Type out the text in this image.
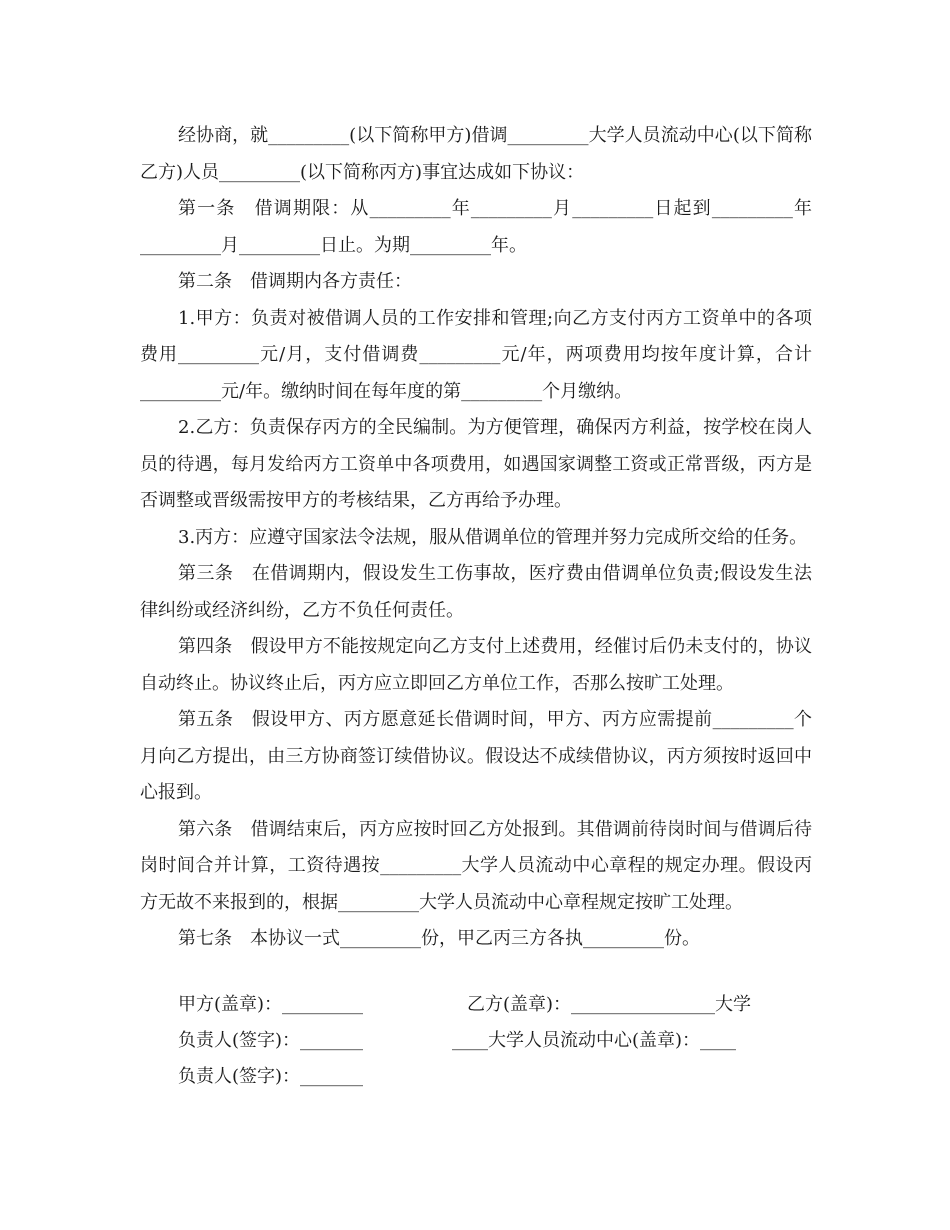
经协商，就_________(以下简称甲方)借调_________大学人员流动中心(以下简称乙方)人员_________(以下简称丙方)事宜达成如下协议：

第一条　借调期限：从_________年_________月_________日起到_________年_________月_________日止。为期_________年。

第二条　借调期内各方责任：

1.甲方：负责对被借调人员的工作安排和管理;向乙方支付丙方工资单中的各项费用_________元/月，支付借调费_________元/年，两项费用均按年度计算，合计_________元/年。缴纳时间在每年度的第_________个月缴纳。

2.乙方：负责保存丙方的全民编制。为方便管理，确保丙方利益，按学校在岗人员的待遇，每月发给丙方工资单中各项费用，如遇国家调整工资或正常晋级，丙方是否调整或晋级需按甲方的考核结果，乙方再给予办理。

3.丙方：应遵守国家法令法规，服从借调单位的管理并努力完成所交给的任务。

第三条　在借调期内，假设发生工伤事故，医疗费由借调单位负责;假设发生法律纠纷或经济纠纷，乙方不负任何责任。

第四条　假设甲方不能按规定向乙方支付上述费用，经催讨后仍未支付的，协议自动终止。协议终止后，丙方应立即回乙方单位工作，否那么按旷工处理。

第五条　假设甲方、丙方愿意延长借调时间，甲方、丙方应需提前_________个月向乙方提出，由三方协商签订续借协议。假设达不成续借协议，丙方须按时返回中心报到。

第六条　借调结束后，丙方应按时回乙方处报到。其借调前待岗时间与借调后待岗时间合并计算，工资待遇按_________大学人员流动中心章程的规定办理。假设丙方无故不来报到的，根据_________大学人员流动中心章程规定按旷工处理。

第七条　本协议一式_________份，甲乙丙三方各执_________份。

甲方(盖章)：_________	乙方(盖章)：________________大学
负责人(签字)：_______	____大学人员流动中心(盖章)：____
负责人(签字)：_______
